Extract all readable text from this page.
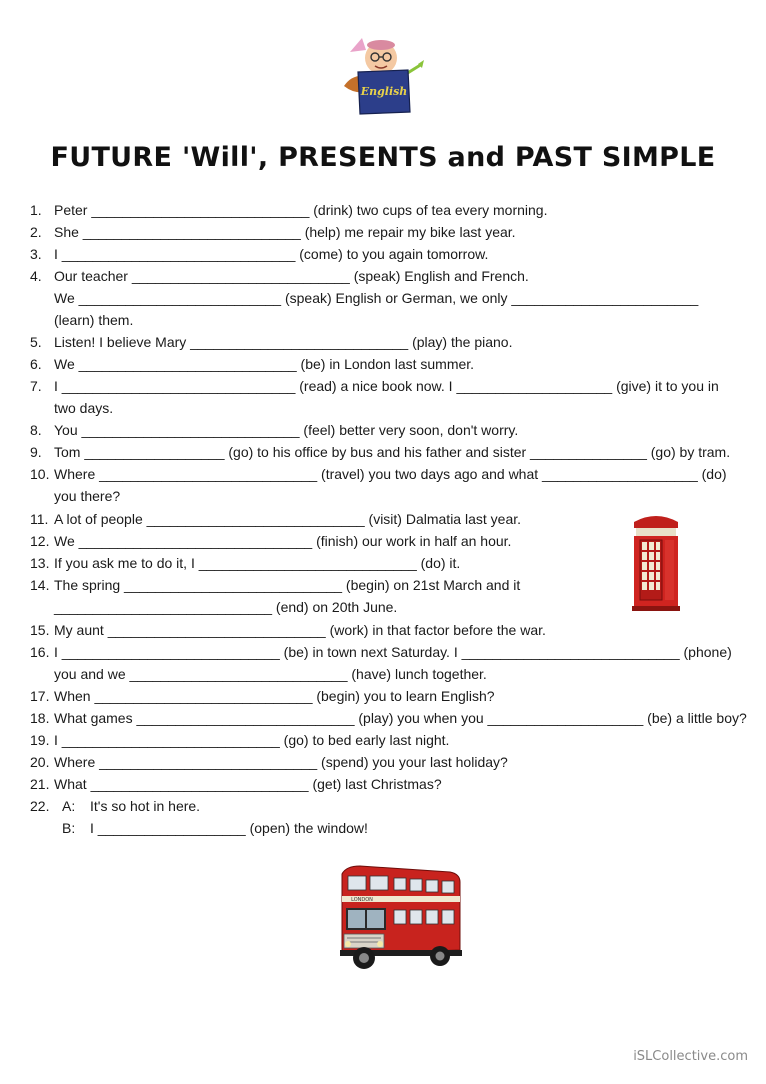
English
FUTURE 'Will', PRESENTS and PAST SIMPLE
1. Peter ____________________________ (drink) two cups of tea every morning.
2. She ____________________________ (help) me repair my bike last year.
3. I ______________________________ (come) to you again tomorrow.
4. Our teacher ____________________________ (speak) English and French.
We __________________________ (speak) English or German, we only ________________________
(learn) them.
5. Listen! I believe Mary ____________________________ (play) the piano.
6. We ____________________________ (be) in London last summer.
7. I ______________________________ (read) a nice book now. I ____________________ (give) it to you in
two days.
8. You ____________________________ (feel) better very soon, don't worry.
9. Tom __________________ (go) to his office by bus and his father and sister _______________ (go) by tram.
10. Where ____________________________ (travel) you two days ago and what ____________________ (do)
you there?
11. A lot of people ____________________________ (visit) Dalmatia last year.
12. We ______________________________ (finish) our work in half an hour.
13. If you ask me to do it, I ____________________________ (do) it.
14. The spring ____________________________ (begin) on 21st March and it
____________________________ (end) on 20th June.
15. My aunt ____________________________ (work) in that factor before the war.
16. I ____________________________ (be) in town next Saturday. I ____________________________ (phone)
you and we ____________________________ (have) lunch together.
17. When ____________________________ (begin) you to learn English?
18. What games ____________________________ (play) you when you ____________________ (be) a little boy?
19. I ____________________________ (go) to bed early last night.
20. Where ____________________________ (spend) you your last holiday?
21. What ____________________________ (get) last Christmas?
22. A: It's so hot in here.
B: I ___________________ (open) the window!
LONDON
iSLCollective.com
